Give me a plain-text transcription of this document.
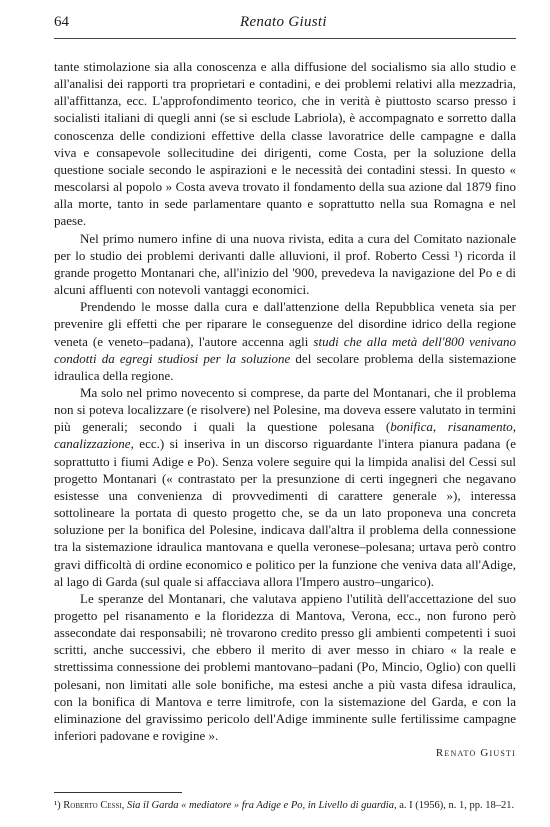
64	Renato Giusti

tante stimolazione sia alla conoscenza e alla diffusione del socialismo sia allo studio e all'analisi dei rapporti tra proprietari e contadini, e dei problemi relativi alla mezzadria, all'affittanza, ecc. L'approfondimento teorico, che in verità è piuttosto scarso presso i socialisti italiani di quegli anni (se si esclude Labriola), è accompagnato e sorretto dalla conoscenza delle condizioni effettive della classe lavoratrice delle campagne e dalla viva e consapevole sollecitudine dei dirigenti, come Costa, per la soluzione della questione sociale secondo le aspirazioni e le necessità dei contadini stessi. In questo « mescolarsi al popolo » Costa aveva trovato il fondamento della sua azione dal 1879 fino alla morte, tanto in sede parlamentare quanto e soprattutto nella sua Romagna e nel paese.

Nel primo numero infine di una nuova rivista, edita a cura del Comitato nazionale per lo studio dei problemi derivanti dalle alluvioni, il prof. Roberto Cessi ¹) ricorda il grande progetto Montanari che, all'inizio del '900, prevedeva la navigazione del Po e di alcuni affluenti con notevoli vantaggi economici.

Prendendo le mosse dalla cura e dall'attenzione della Repubblica veneta sia per prevenire gli effetti che per riparare le conseguenze del disordine idrico della regione veneta (e veneto–padana), l'autore accenna agli studi che alla metà dell'800 venivano condotti da egregi studiosi per la soluzione del secolare problema della sistemazione idraulica della regione.

Ma solo nel primo novecento si comprese, da parte del Montanari, che il problema non si poteva localizzare (e risolvere) nel Polesine, ma doveva essere valutato in termini più generali; secondo i quali la questione polesana (bonifica, risanamento, canalizzazione, ecc.) si inseriva in un discorso riguardante l'intera pianura padana (e soprattutto i fiumi Adige e Po). Senza volere seguire qui la limpida analisi del Cessi sul progetto Montanari (« contrastato per la presunzione di certi ingegneri che negavano esistesse una convenienza di provvedimenti di carattere generale »), interessa sottolineare la portata di questo progetto che, se da un lato proponeva una concreta soluzione per la bonifica del Polesine, indicava dall'altra il problema della connessione tra la sistemazione idraulica mantovana e quella veronese–polesana; urtava però contro gravi difficoltà di ordine economico e politico per la funzione che veniva data all'Adige, al lago di Garda (sul quale si affacciava allora l'Impero austro–ungarico).

Le speranze del Montanari, che valutava appieno l'utilità dell'accettazione del suo progetto pel risanamento e la floridezza di Mantova, Verona, ecc., non furono però assecondate dai responsabili; nè trovarono credito presso gli ambienti competenti i suoi scritti, anche successivi, che ebbero il merito di aver messo in chiaro « la reale e strettissima connessione dei problemi mantovano–padani (Po, Mincio, Oglio) con quelli polesani, non limitati alle sole bonifiche, ma estesi anche a più vasta difesa idraulica, con la bonifica di Mantova e terre limitrofe, con la sistemazione del Garda, e con la eliminazione del gravissimo pericolo dell'Adige imminente sulle fertilissime campagne inferiori padovane e rovigine ».

Renato Giusti
¹) Roberto Cessi, Sia il Garda « mediatore » fra Adige e Po, in Livello di guardia, a. I (1956), n. 1, pp. 18–21.
